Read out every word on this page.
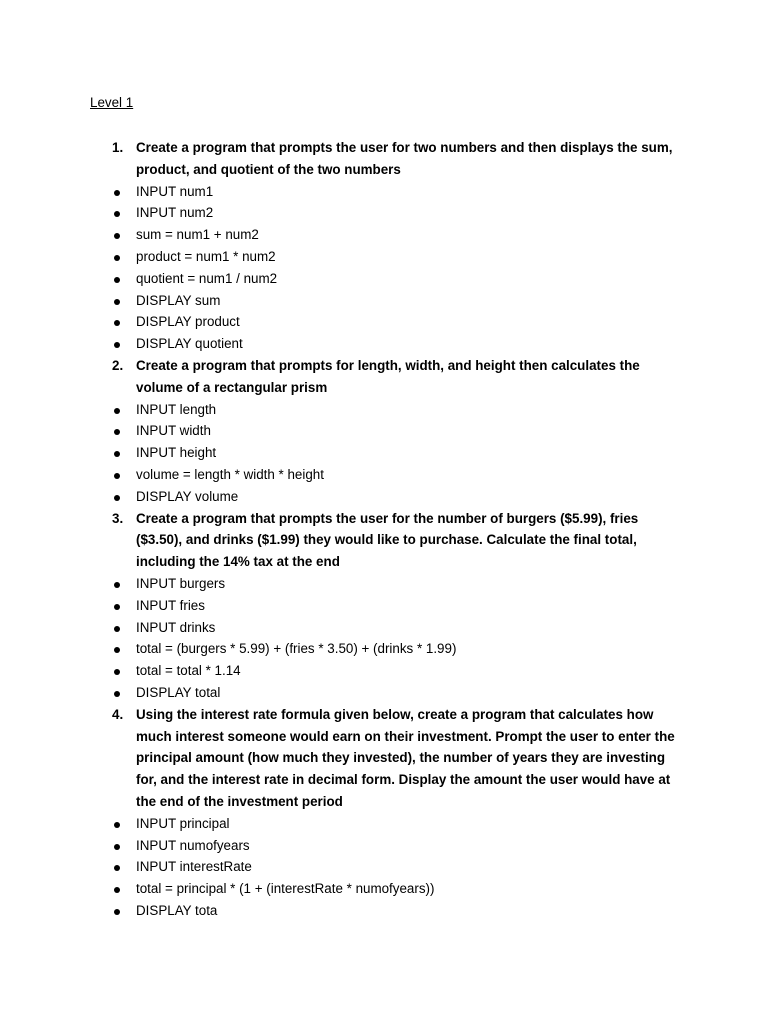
Level 1
1. Create a program that prompts the user for two numbers and then displays the sum, product, and quotient of the two numbers
INPUT num1
INPUT num2
sum = num1 + num2
product = num1 * num2
quotient = num1 / num2
DISPLAY sum
DISPLAY product
DISPLAY quotient
2. Create a program that prompts for length, width, and height then calculates the volume of a rectangular prism
INPUT length
INPUT width
INPUT height
volume = length * width * height
DISPLAY volume
3. Create a program that prompts the user for the number of burgers ($5.99), fries ($3.50), and drinks ($1.99) they would like to purchase. Calculate the final total, including the 14% tax at the end
INPUT burgers
INPUT fries
INPUT drinks
total = (burgers * 5.99) + (fries * 3.50) + (drinks * 1.99)
total = total * 1.14
DISPLAY total
4. Using the interest rate formula given below, create a program that calculates how much interest someone would earn on their investment. Prompt the user to enter the principal amount (how much they invested), the number of years they are investing for, and the interest rate in decimal form. Display the amount the user would have at the end of the investment period
INPUT principal
INPUT numofyears
INPUT interestRate
total = principal * (1 + (interestRate * numofyears))
DISPLAY tota
